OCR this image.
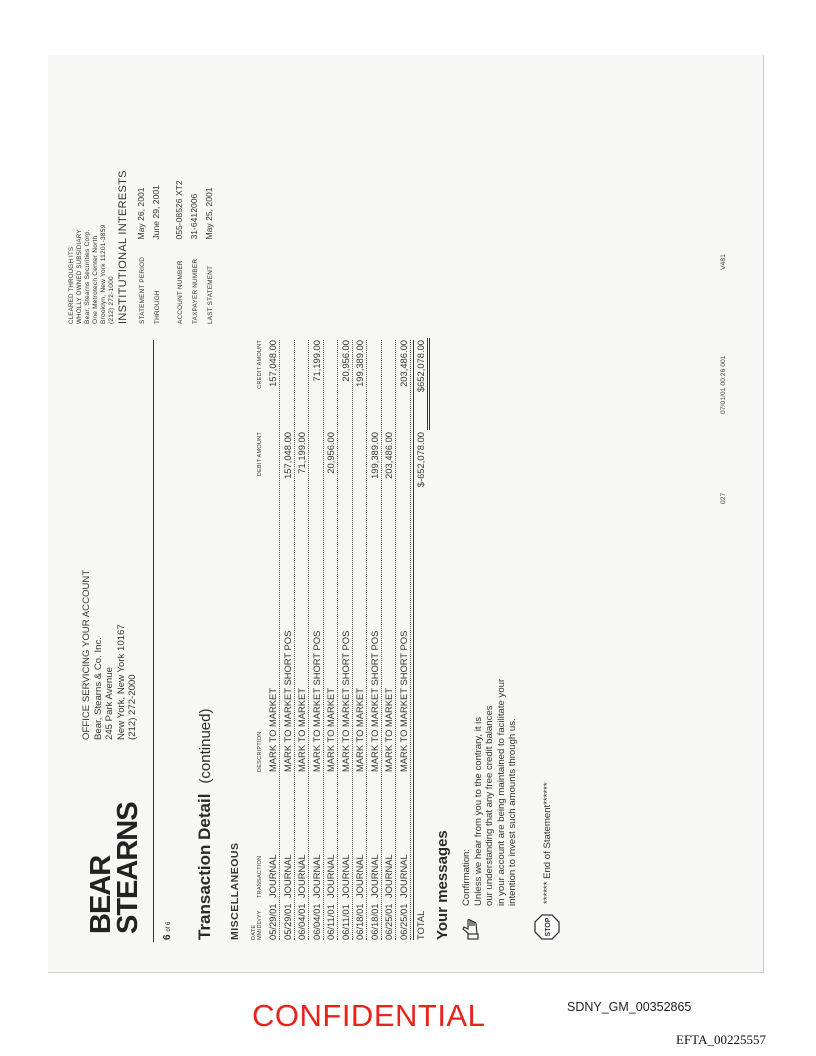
BEAR
STEARNS
OFFICE SERVICING YOUR ACCOUNT Bear, Stearns & Co. Inc. 245 Park Avenue New York, New York 10167 (212) 272-2000
CLEARED THROUGH ITS WHOLLY OWNED SUBSIDIARY Bear, Stearns Securities Corp. One Metrotech Center North Brooklyn, New York 11201-3859 (212) 272-1000 INSTITUTIONAL INTERESTS	STATEMENT PERIOD May 26, 2001
THROUGH June 29, 2001
ACCOUNT NUMBER 055-08526 XT2
TAXPAYER NUMBER 31-6412006
LAST STATEMENT May 25, 2001
6 of 6 Transaction Detail(continued)
MISCELLANEOUS DATE MM/DD/YY
TRANSACTION
DESCRIPTION
DEBIT AMOUNT
CREDIT AMOUNT
05/29/01
JOURNAL
MARK TO MARKET
157,048.00
05/29/01
JOURNAL
MARK TO MARKET SHORT POS
157,048.00
06/04/01
JOURNAL
MARK TO MARKET
71,199.00
06/04/01
JOURNAL
MARK TO MARKET SHORT POS
71,199.00
06/11/01
JOURNAL
MARK TO MARKET
20,956.00
06/11/01
JOURNAL
MARK TO MARKET SHORT POS
20,956.00
06/18/01
JOURNAL
MARK TO MARKET
199,389.00
06/18/01
JOURNAL
MARK TO MARKET SHORT POS
199,389.00
06/25/01
JOURNAL
MARK TO MARKET
203,486.00
06/25/01
JOURNAL
MARK TO MARKET SHORT POS
203,486.00
TOTAL
$-652,078.00
$652,078.00
Your messages Confirmation: Unless we hear from you to the contrary, it is our understanding that any free credit balances in your account are being maintained to facilitate your intention to invest such amounts through us.
STOP
****** End of Statement******
027
07/01/01 00:26 001
V481
CONFIDENTIAL	SDNY_GM_00352865
EFTA_00225557
